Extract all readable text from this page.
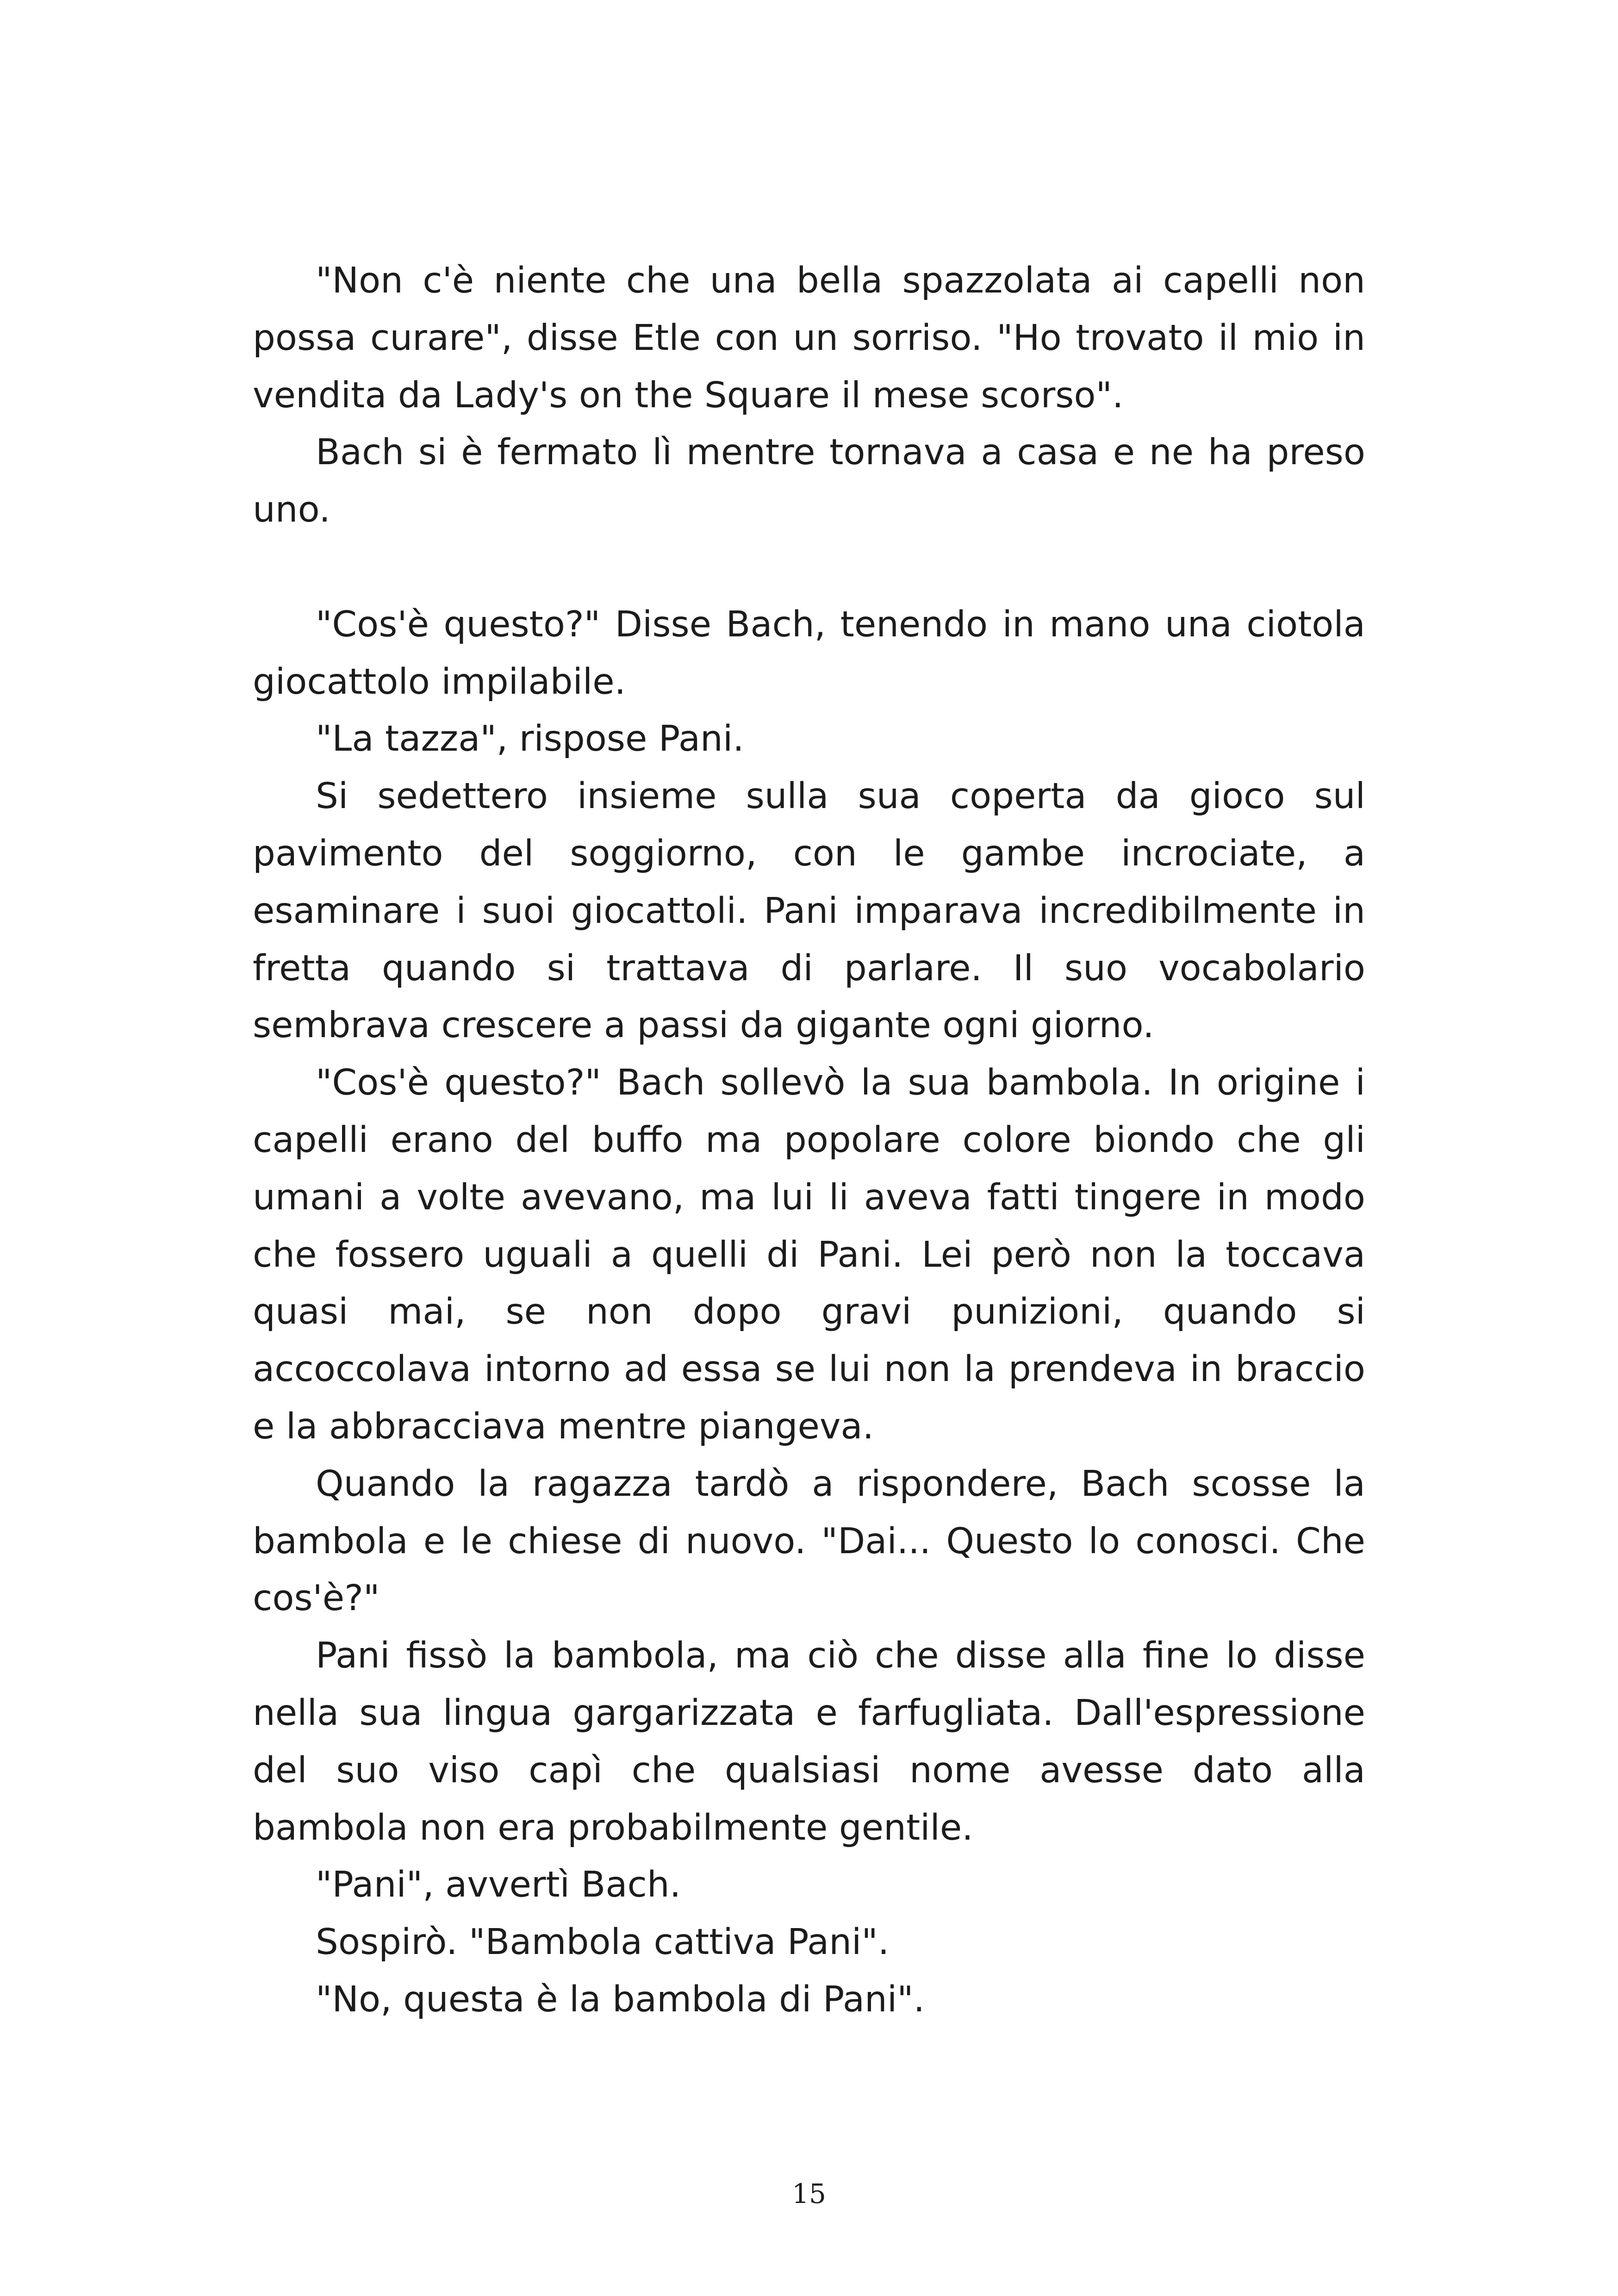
"Non c'è niente che una bella spazzolata ai capelli non possa curare", disse Etle con un sorriso. "Ho trovato il mio in vendita da Lady's on the Square il mese scorso".

Bach si è fermato lì mentre tornava a casa e ne ha preso uno.

"Cos'è questo?" Disse Bach, tenendo in mano una ciotola giocattolo impilabile.

"La tazza", rispose Pani.

Si sedettero insieme sulla sua coperta da gioco sul pavimento del soggiorno, con le gambe incrociate, a esaminare i suoi giocattoli. Pani imparava incredibilmente in fretta quando si trattava di parlare. Il suo vocabolario sembrava crescere a passi da gigante ogni giorno.

"Cos'è questo?" Bach sollevò la sua bambola. In origine i capelli erano del buffo ma popolare colore biondo che gli umani a volte avevano, ma lui li aveva fatti tingere in modo che fossero uguali a quelli di Pani. Lei però non la toccava quasi mai, se non dopo gravi punizioni, quando si accoccolava intorno ad essa se lui non la prendeva in braccio e la abbracciava mentre piangeva.

Quando la ragazza tardò a rispondere, Bach scosse la bambola e le chiese di nuovo. "Dai... Questo lo conosci. Che cos'è?"

Pani fissò la bambola, ma ciò che disse alla fine lo disse nella sua lingua gargarizzata e farfugliata. Dall'espressione del suo viso capì che qualsiasi nome avesse dato alla bambola non era probabilmente gentile.

"Pani", avvertì Bach.

Sospirò. "Bambola cattiva Pani".

"No, questa è la bambola di Pani".

15
